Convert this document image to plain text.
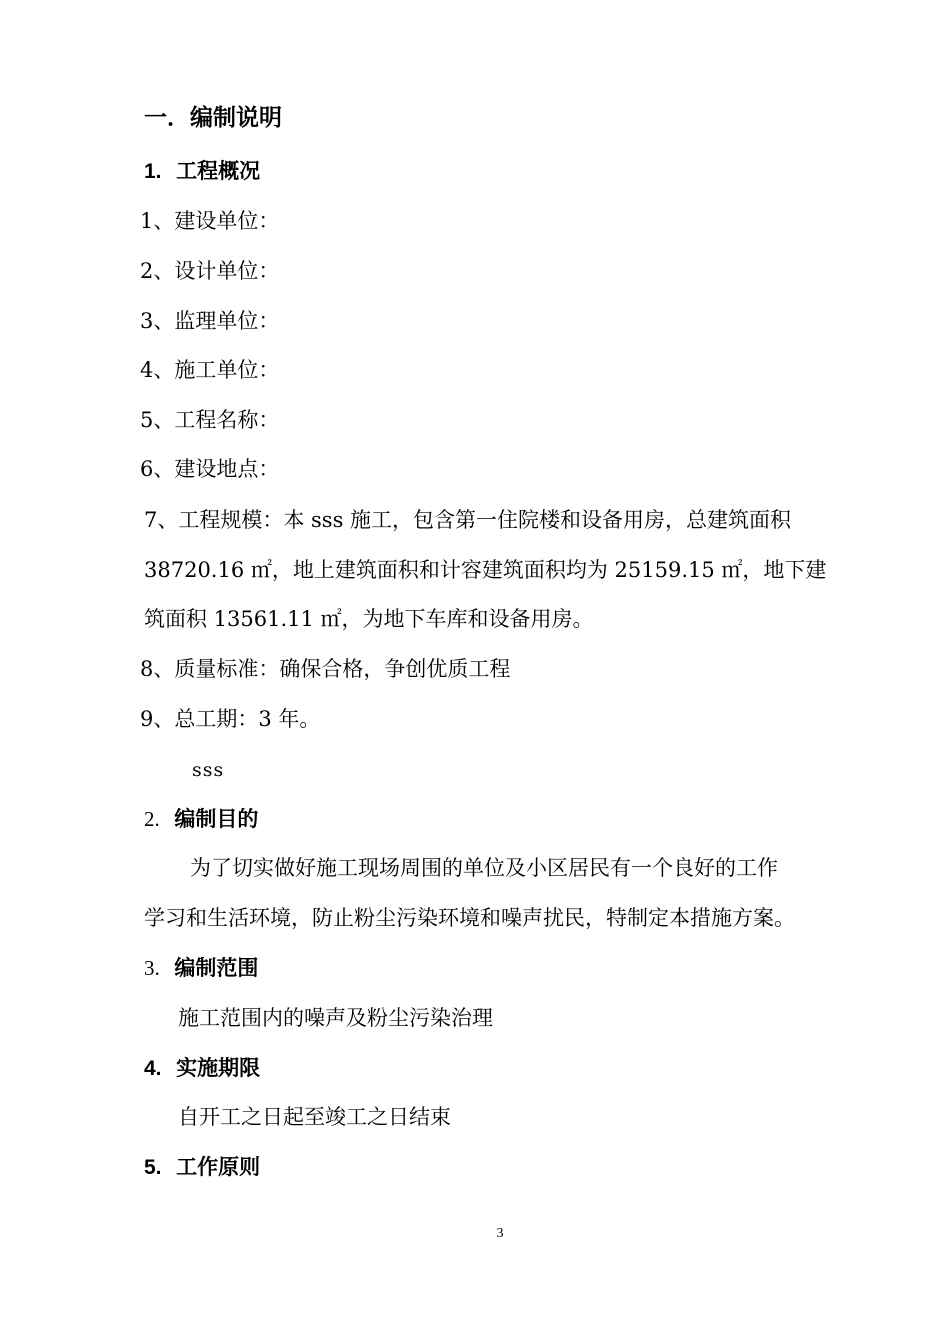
一．编制说明
1. 工程概况
1、建设单位：
2、设计单位：
3、监理单位：
4、施工单位：
5、工程名称：
6、建设地点：
7、工程规模：本 sss 施工，包含第一住院楼和设备用房，总建筑面积
38720.16 ㎡，地上建筑面积和计容建筑面积均为 25159.15 ㎡，地下建
筑面积 13561.11 ㎡，为地下车库和设备用房。
8、质量标准：确保合格，争创优质工程
9、总工期：3 年。
sss
2. 编制目的
为了切实做好施工现场周围的单位及小区居民有一个良好的工作
学习和生活环境，防止粉尘污染环境和噪声扰民，特制定本措施方案。
3. 编制范围
施工范围内的噪声及粉尘污染治理
4. 实施期限
自开工之日起至竣工之日结束
5. 工作原则
3
